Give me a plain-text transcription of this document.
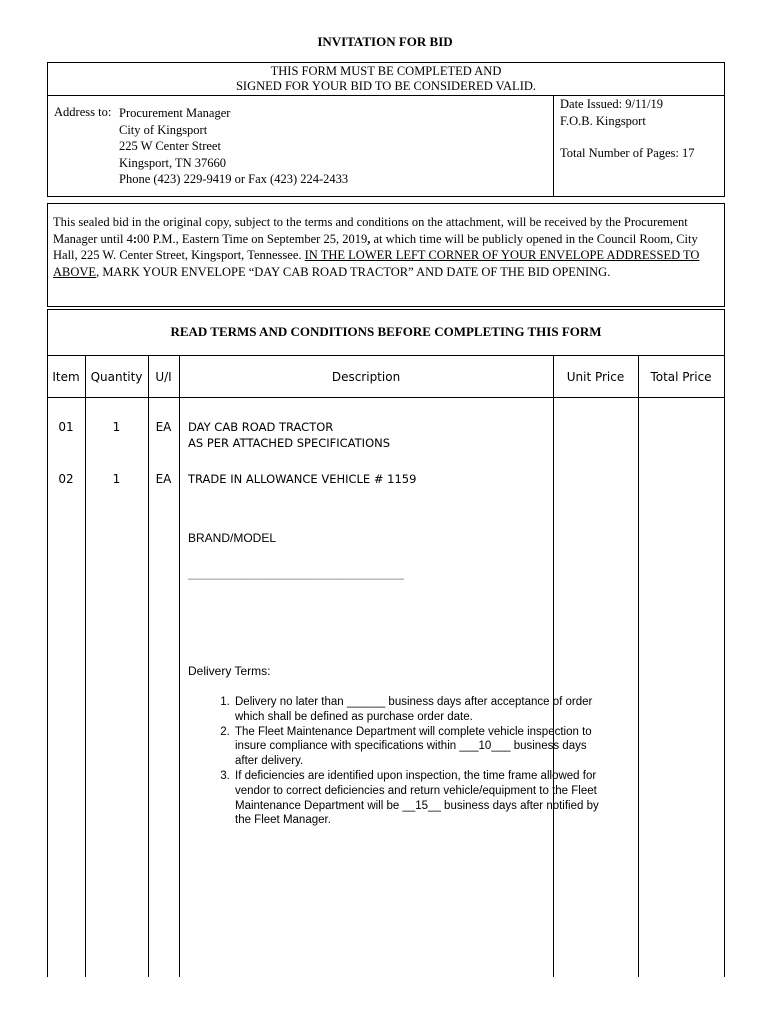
INVITATION FOR BID
THIS FORM MUST BE COMPLETED AND
SIGNED FOR YOUR BID TO BE CONSIDERED VALID.
Address to: Procurement Manager
City of Kingsport
225 W Center Street
Kingsport, TN 37660
Phone (423) 229-9419 or Fax (423) 224-2433
Date Issued: 9/11/19
F.O.B. Kingsport
Total Number of Pages: 17
This sealed bid in the original copy, subject to the terms and conditions on the attachment, will be received by the Procurement Manager until 4:00 P.M., Eastern Time on September 25, 2019, at which time will be publicly opened in the Council Room, City Hall, 225 W. Center Street, Kingsport, Tennessee. IN THE LOWER LEFT CORNER OF YOUR ENVELOPE ADDRESSED TO ABOVE, MARK YOUR ENVELOPE “DAY CAB ROAD TRACTOR” AND DATE OF THE BID OPENING.
READ TERMS AND CONDITIONS BEFORE COMPLETING THIS FORM
Item Quantity	U/I	Description	Unit Price	Total Price
01	1	EA	DAY CAB ROAD TRACTOR
AS PER ATTACHED SPECIFICATIONS
02	1	EA	TRADE IN ALLOWANCE VEHICLE # 1159
BRAND/MODEL
_______________________________
Delivery Terms:
1. Delivery no later than ______ business days after acceptance of order which shall be defined as purchase order date.
2. The Fleet Maintenance Department will complete vehicle inspection to insure compliance with specifications within ___10___ business days after delivery.
3. If deficiencies are identified upon inspection, the time frame allowed for vendor to correct deficiencies and return vehicle/equipment to the Fleet Maintenance Department will be __15__ business days after notified by the Fleet Manager.
